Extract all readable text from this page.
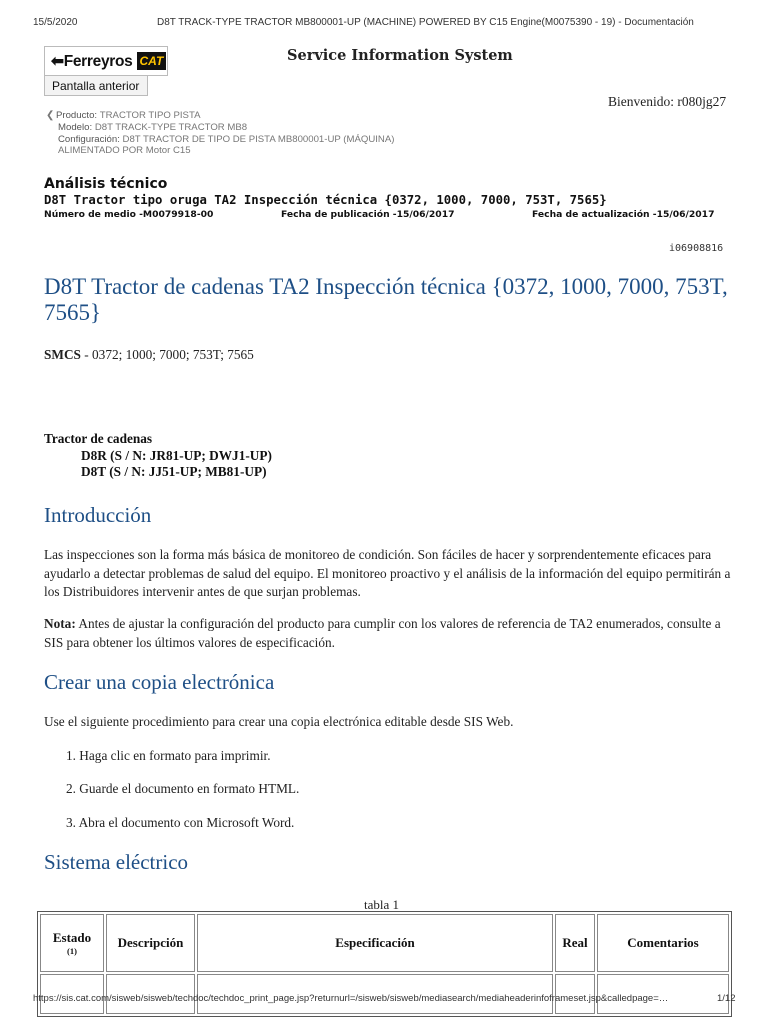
15/5/2020	D8T TRACK-TYPE TRACTOR MB800001-UP (MACHINE) POWERED BY C15 Engine(M0075390 - 19) - Documentación
⬅Ferreyros CAT
Pantalla anterior
Service Information System
Bienvenido: r080jg27
❮ Producto: TRACTOR TIPO PISTA
Modelo: D8T TRACK-TYPE TRACTOR MB8
Configuración: D8T TRACTOR DE TIPO DE PISTA MB800001-UP (MÁQUINA)
ALIMENTADO POR Motor C15
Análisis técnico
D8T Tractor tipo oruga TA2 Inspección técnica {0372, 1000, 7000, 753T, 7565}
Número de medio -M0079918-00	Fecha de publicación -15/06/2017	Fecha de actualización -15/06/2017
i06908816
D8T Tractor de cadenas TA2 Inspección técnica {0372, 1000, 7000, 753T, 7565}
SMCS - 0372; 1000; 7000; 753T; 7565
Tractor de cadenas
D8R (S / N: JR81-UP; DWJ1-UP)
D8T (S / N: JJ51-UP; MB81-UP)
Introducción
Las inspecciones son la forma más básica de monitoreo de condición. Son fáciles de hacer y sorprendentemente eficaces para ayudarlo a detectar problemas de salud del equipo. El monitoreo proactivo y el análisis de la información del equipo permitirán a los Distribuidores intervenir antes de que surjan problemas.
Nota: Antes de ajustar la configuración del producto para cumplir con los valores de referencia de TA2 enumerados, consulte a SIS para obtener los últimos valores de especificación.
Crear una copia electrónica
Use el siguiente procedimiento para crear una copia electrónica editable desde SIS Web.
1. Haga clic en formato para imprimir.
2. Guarde el documento en formato HTML.
3. Abra el documento con Microsoft Word.
Sistema eléctrico
tabla 1
Estado
(1)	Descripción	Especificación	Real	Comentarios

https://sis.cat.com/sisweb/sisweb/techdoc/techdoc_print_page.jsp?returnurl=/sisweb/sisweb/mediasearch/mediaheaderinfoframeset.jsp&calledpage=…	1/12
